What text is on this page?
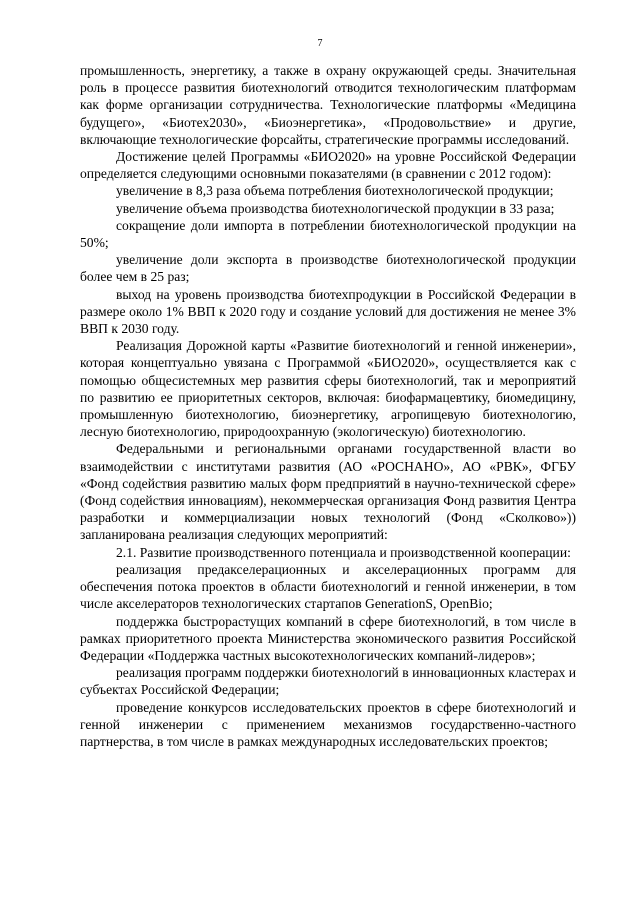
7

промышленность, энергетику, а также в охрану окружающей среды. Значительная роль в процессе развития биотехнологий отводится технологическим платформам как форме организации сотрудничества. Технологические платформы «Медицина будущего», «Биотех2030», «Биоэнергетика», «Продовольствие» и другие, включающие технологические форсайты, стратегические программы исследований.

Достижение целей Программы «БИО2020» на уровне Российской Федерации определяется следующими основными показателями (в сравнении с 2012 годом):

увеличение в 8,3 раза объема потребления биотехнологической продукции;

увеличение объема производства биотехнологической продукции в 33 раза;

сокращение доли импорта в потреблении биотехнологической продукции на 50%;

увеличение доли экспорта в производстве биотехнологической продукции более чем в 25 раз;

выход на уровень производства биотехпродукции в Российской Федерации в размере около 1% ВВП к 2020 году и создание условий для достижения не менее 3% ВВП к 2030 году.

Реализация Дорожной карты «Развитие биотехнологий и генной инженерии», которая концептуально увязана с Программой «БИО2020», осуществляется как с помощью общесистемных мер развития сферы биотехнологий, так и мероприятий по развитию ее приоритетных секторов, включая: биофармацевтику, биомедицину, промышленную биотехнологию, биоэнергетику, агропищевую биотехнологию, лесную биотехнологию, природоохранную (экологическую) биотехнологию.

Федеральными и региональными органами государственной власти во взаимодействии с институтами развития (АО «РОСНАНО», АО «РВК», ФГБУ «Фонд содействия развитию малых форм предприятий в научно-технической сфере» (Фонд содействия инновациям), некоммерческая организация Фонд развития Центра разработки и коммерциализации новых технологий (Фонд «Сколково»)) запланирована реализация следующих мероприятий:

2.1. Развитие производственного потенциала и производственной кооперации:

реализация предакселерационных и акселерационных программ для обеспечения потока проектов в области биотехнологий и генной инженерии, в том числе акселераторов технологических стартапов GenerationS, OpenBio;

поддержка быстрорастущих компаний в сфере биотехнологий, в том числе в рамках приоритетного проекта Министерства экономического развития Российской Федерации «Поддержка частных высокотехнологических компаний-лидеров»;

реализация программ поддержки биотехнологий в инновационных кластерах и субъектах Российской Федерации;

проведение конкурсов исследовательских проектов в сфере биотехнологий и генной инженерии с применением механизмов государственно-частного партнерства, в том числе в рамках международных исследовательских проектов;
